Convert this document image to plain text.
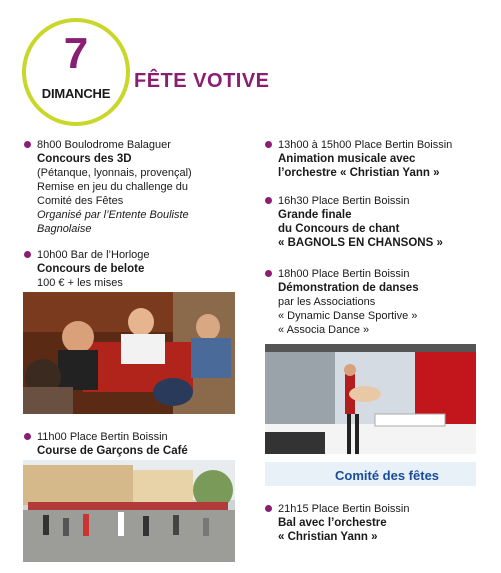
7
DIMANCHE
FÊTE VOTIVE
8h00 Boulodrome Balaguer
Concours des 3D
(Pétanque, lyonnais, provençal)
Remise en jeu du challenge du
Comité des Fêtes
Organisé par l’Entente Bouliste
Bagnolaise
10h00 Bar de l’Horloge
Concours de belote
100 € + les mises
11h00 Place Bertin Boissin
Course de Garçons de Café
13h00 à 15h00 Place Bertin Boissin
Animation musicale avec
l’orchestre « Christian Yann »
16h30 Place Bertin Boissin
Grande finale
du Concours de chant
« BAGNOLS EN CHANSONS »
18h00 Place Bertin Boissin
Démonstration de danses
par les Associations
« Dynamic Danse Sportive »
« Associa Dance »
Comité des fêtes
21h15 Place Bertin Boissin
Bal avec l’orchestre
« Christian Yann »
